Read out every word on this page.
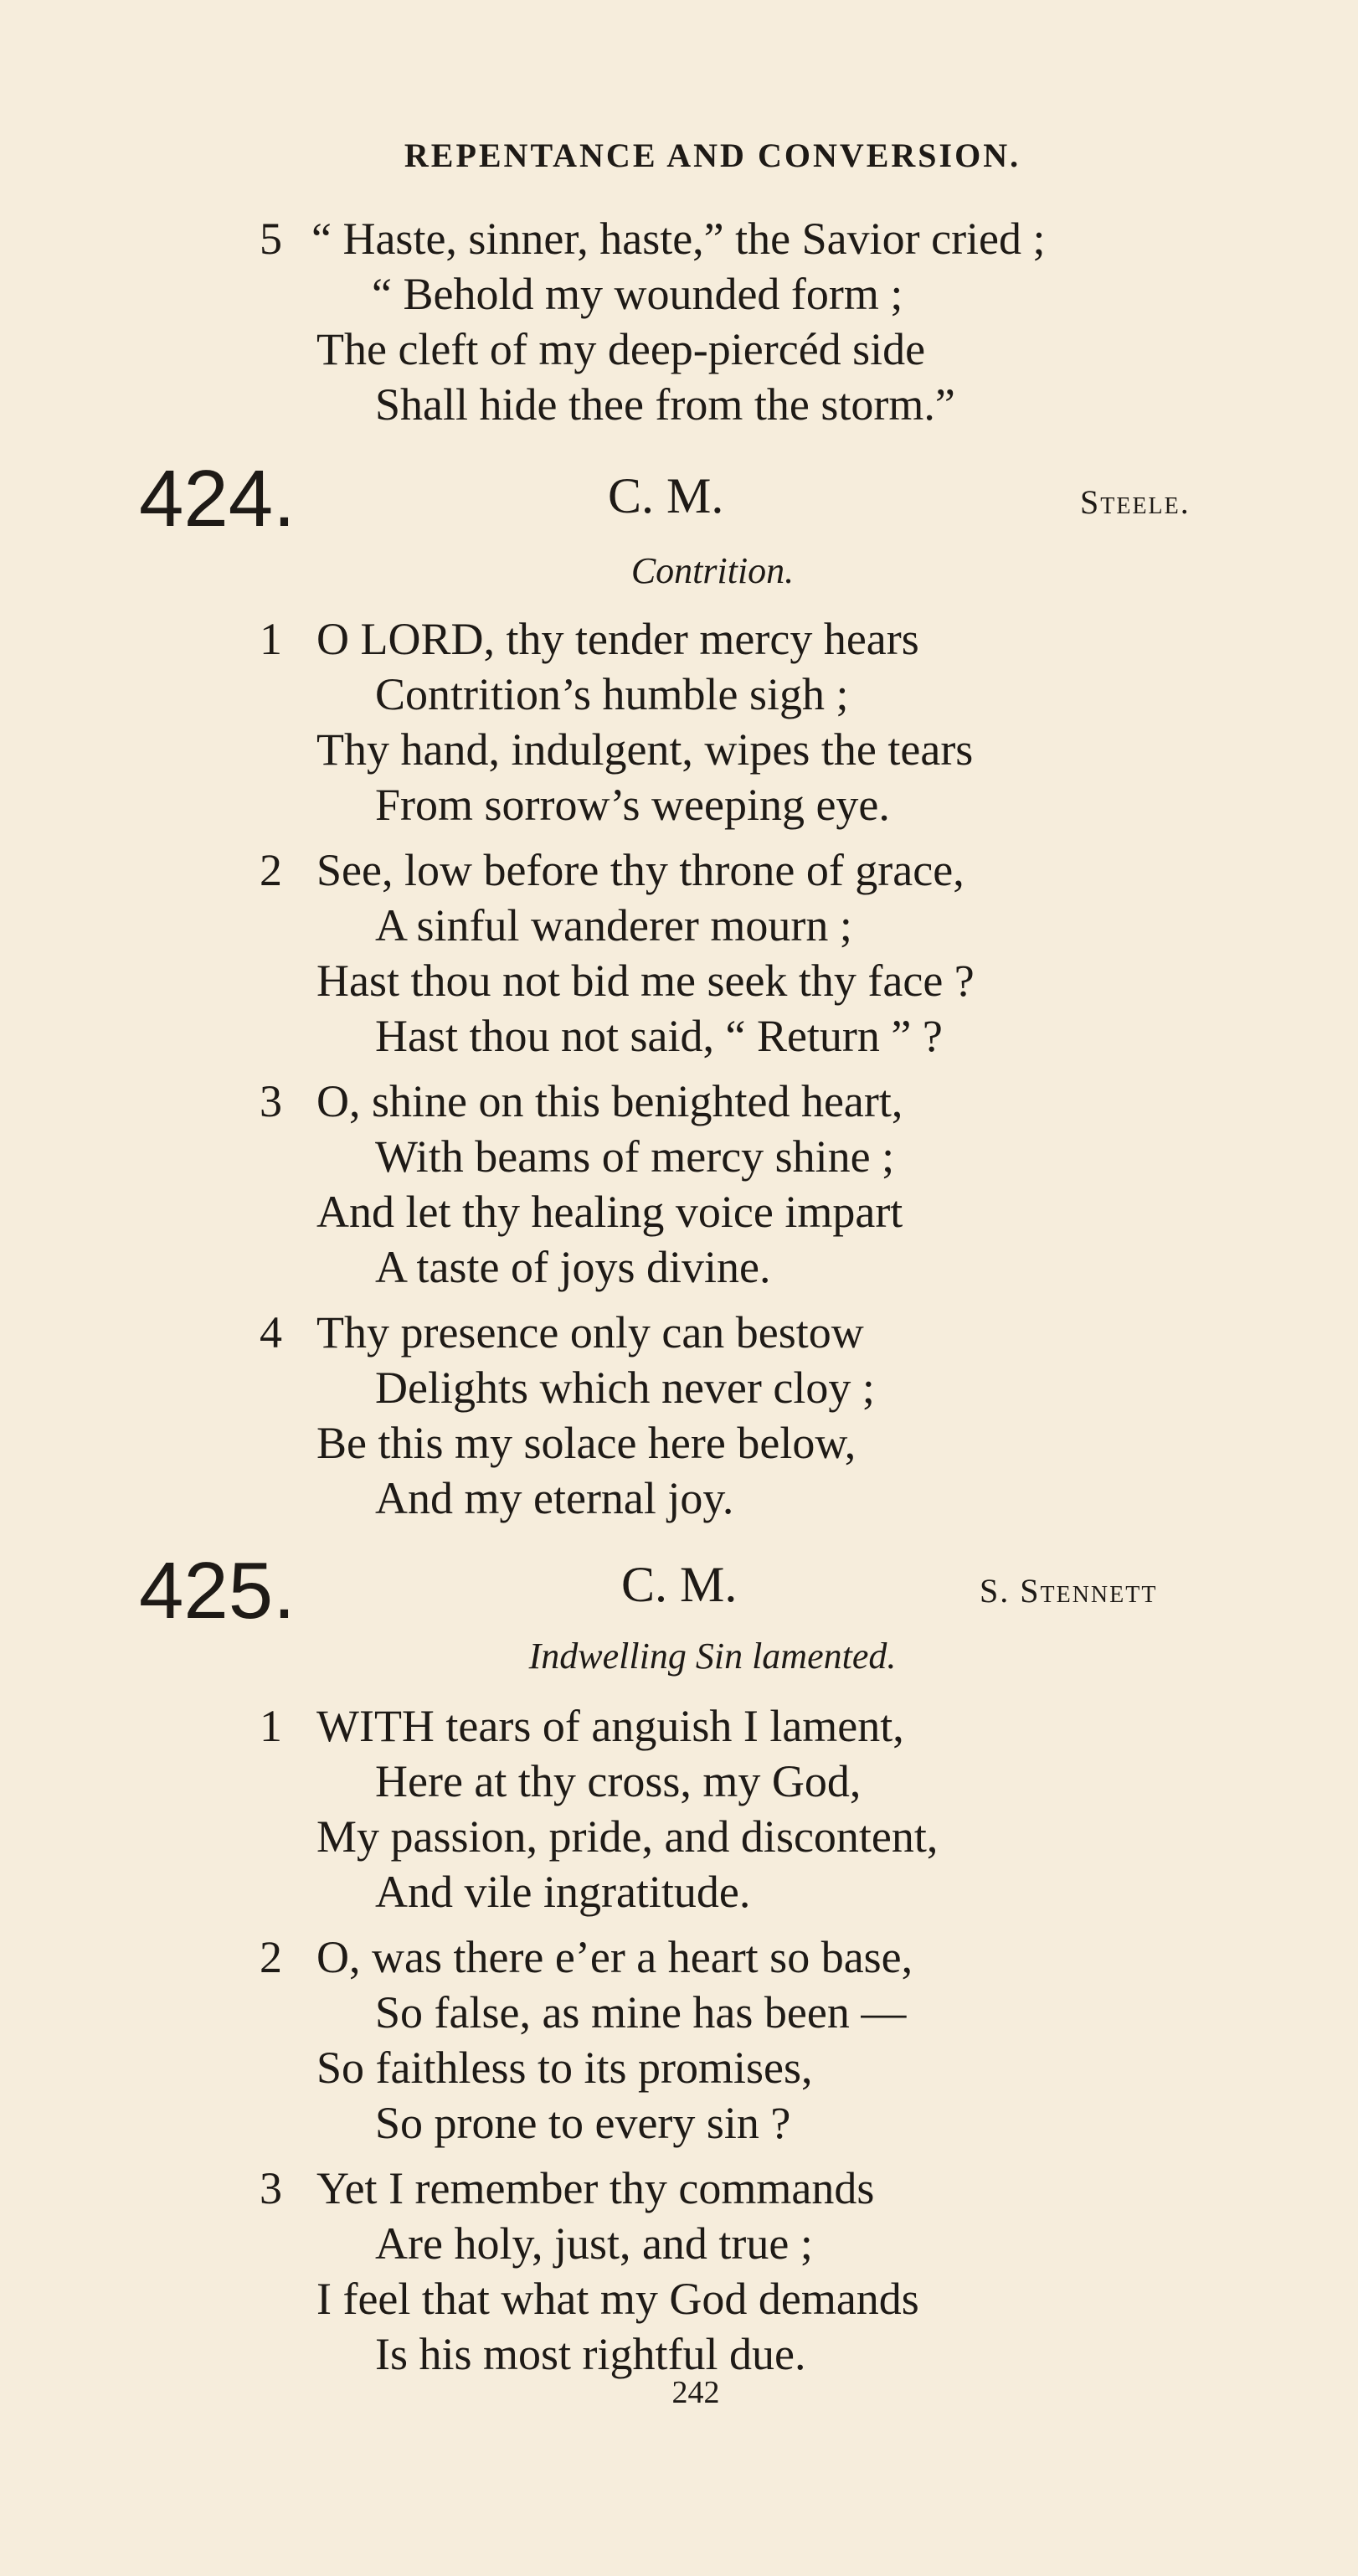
REPENTANCE AND CONVERSION.
5 “ Haste, sinner, haste,” the Savior cried ;
“ Behold my wounded form ;
The cleft of my deep-piercéd side
Shall hide thee from the storm.”
424.	C. M.	Steele.
Contrition.
1 O LORD, thy tender mercy hears
Contrition’s humble sigh ;
Thy hand, indulgent, wipes the tears
From sorrow’s weeping eye.
2 See, low before thy throne of grace,
A sinful wanderer mourn ;
Hast thou not bid me seek thy face ?
Hast thou not said, “ Return ” ?
3 O, shine on this benighted heart,
With beams of mercy shine ;
And let thy healing voice impart
A taste of joys divine.
4 Thy presence only can bestow
Delights which never cloy ;
Be this my solace here below,
And my eternal joy.
425.	C. M.	S. Stennett
Indwelling Sin lamented.
1 WITH tears of anguish I lament,
Here at thy cross, my God,
My passion, pride, and discontent,
And vile ingratitude.
2 O, was there e’er a heart so base,
So false, as mine has been —
So faithless to its promises,
So prone to every sin ?
3 Yet I remember thy commands
Are holy, just, and true ;
I feel that what my God demands
Is his most rightful due.
242
